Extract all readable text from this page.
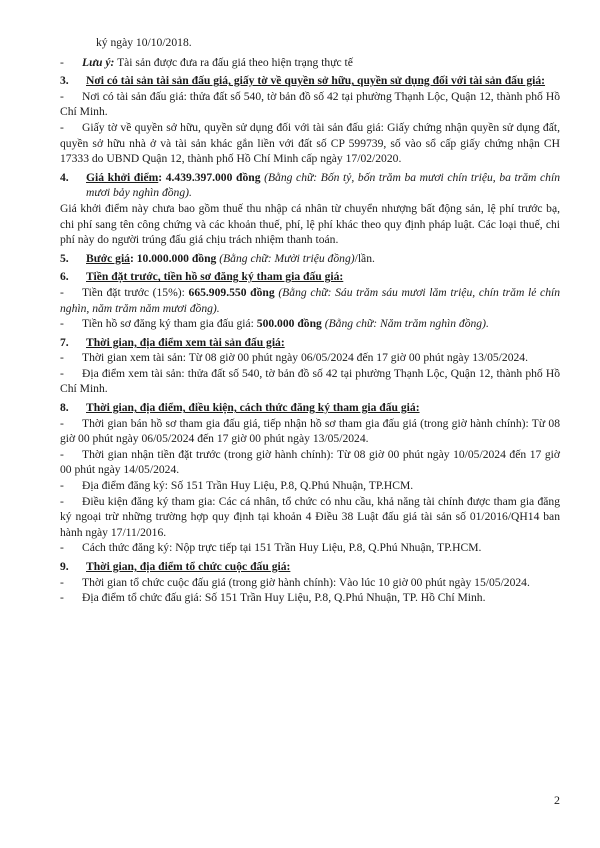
ký ngày 10/10/2018.

- Lưu ý: Tài sản được đưa ra đấu giá theo hiện trạng thực tế
3.	Nơi có tài sản tài sản đấu giá, giấy tờ về quyền sở hữu, quyền sử dụng đối với tài sản đấu giá:
- Nơi có tài sản đấu giá: thửa đất số 540, tờ bản đồ số 42 tại phường Thạnh Lộc, Quận 12, thành phố Hồ Chí Minh.
- Giấy tờ về quyền sở hữu, quyền sử dụng đối với tài sản đấu giá: Giấy chứng nhận quyền sử dụng đất, quyền sở hữu nhà ở và tài sản khác gắn liền với đất số CP 599739, số vào sổ cấp giấy chứng nhận CH 17333 do UBND Quận 12, thành phố Hồ Chí Minh cấp ngày 17/02/2020.
4.	Giá khởi điểm: 4.439.397.000 đồng (Bằng chữ: Bốn tỷ, bốn trăm ba mươi chín triệu, ba trăm chín mươi bảy nghìn đồng).

Giá khởi điểm này chưa bao gồm thuế thu nhập cá nhân từ chuyển nhượng bất động sản, lệ phí trước bạ, chi phí sang tên công chứng và các khoản thuế, phí, lệ phí khác theo quy định pháp luật. Các loại thuế, chi phí này do người trúng đấu giá chịu trách nhiệm thanh toán.

5.	Bước giá: 10.000.000 đồng (Bằng chữ: Mười triệu đồng)/lần.
6.	Tiền đặt trước, tiền hồ sơ đăng ký tham gia đấu giá:
- Tiền đặt trước (15%): 665.909.550 đồng (Bằng chữ: Sáu trăm sáu mươi lăm triệu, chín trăm lẻ chín nghìn, năm trăm năm mươi đồng).
- Tiền hồ sơ đăng ký tham gia đấu giá: 500.000 đồng (Bằng chữ: Năm trăm nghìn đồng).
7.	Thời gian, địa điểm xem tài sản đấu giá:
- Thời gian xem tài sản: Từ 08 giờ 00 phút ngày 06/05/2024 đến 17 giờ 00 phút ngày 13/05/2024.
- Địa điểm xem tài sản: thửa đất số 540, tờ bản đồ số 42 tại phường Thạnh Lộc, Quận 12, thành phố Hồ Chí Minh.
8.	Thời gian, địa điểm, điều kiện, cách thức đăng ký tham gia đấu giá:
- Thời gian bán hồ sơ tham gia đấu giá, tiếp nhận hồ sơ tham gia đấu giá (trong giờ hành chính): Từ 08 giờ 00 phút ngày 06/05/2024 đến 17 giờ 00 phút ngày 13/05/2024.
- Thời gian nhận tiền đặt trước (trong giờ hành chính): Từ 08 giờ 00 phút ngày 10/05/2024 đến 17 giờ 00 phút ngày 14/05/2024.
- Địa điểm đăng ký: Số 151 Trần Huy Liệu, P.8, Q.Phú Nhuận, TP.HCM.
- Điều kiện đăng ký tham gia: Các cá nhân, tổ chức có nhu cầu, khả năng tài chính được tham gia đăng ký ngoại trừ những trường hợp quy định tại khoản 4 Điều 38 Luật đấu giá tài sản số 01/2016/QH14 ban hành ngày 17/11/2016.
- Cách thức đăng ký: Nộp trực tiếp tại 151 Trần Huy Liệu, P.8, Q.Phú Nhuận, TP.HCM.
9.	Thời gian, địa điểm tổ chức cuộc đấu giá:
- Thời gian tổ chức cuộc đấu giá (trong giờ hành chính): Vào lúc 10 giờ 00 phút ngày 15/05/2024.
- Địa điểm tổ chức đấu giá: Số 151 Trần Huy Liệu, P.8, Q.Phú Nhuận, TP. Hồ Chí Minh.
2
